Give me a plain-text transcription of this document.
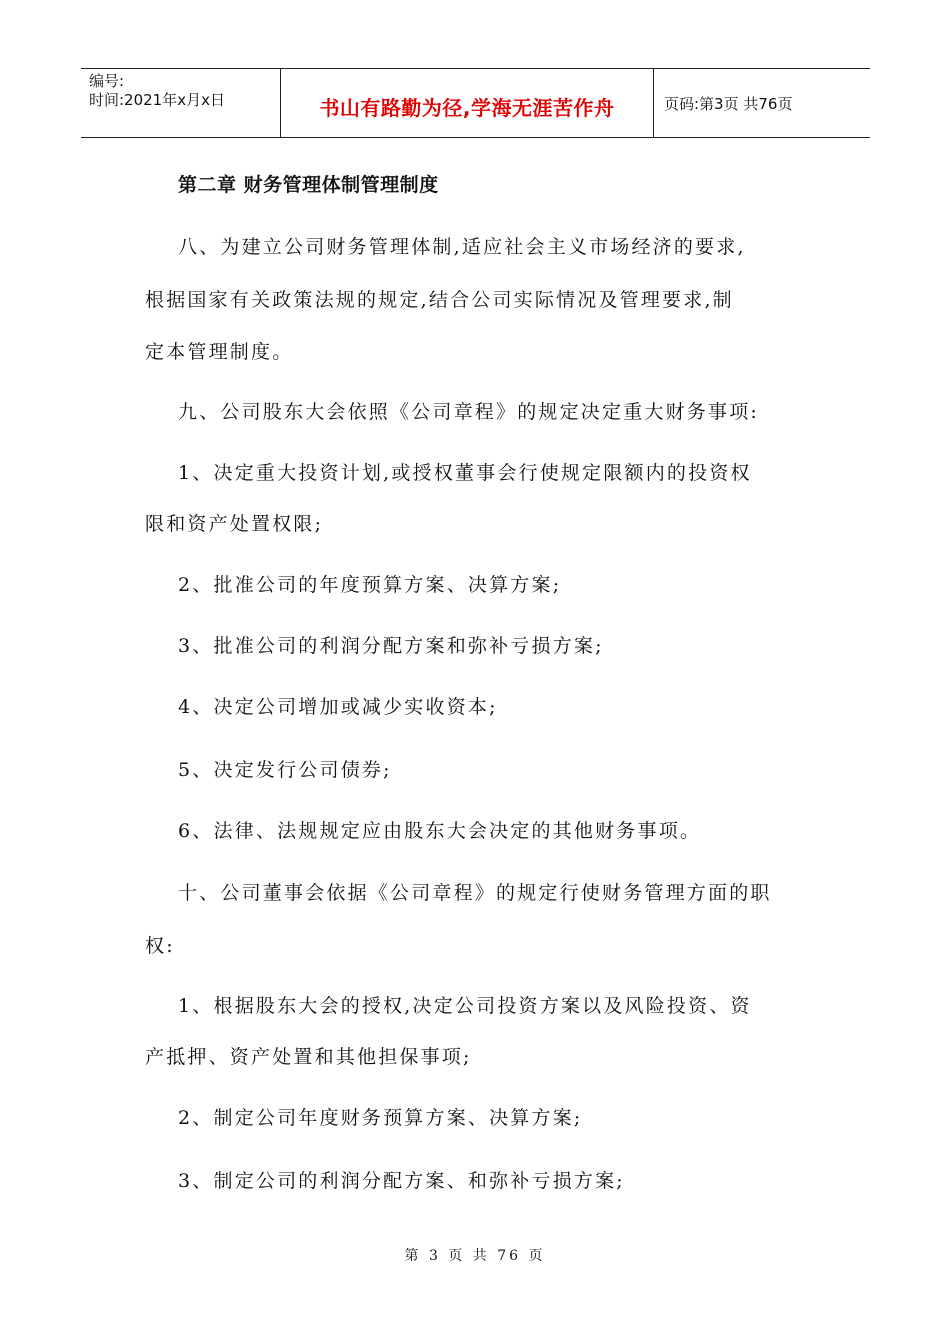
编号:
时间:2021年x月x日	书山有路勤为径,学海无涯苦作舟	页码:第3页 共76页
第二章 财务管理体制管理制度
八、为建立公司财务管理体制,适应社会主义市场经济的要求,
根据国家有关政策法规的规定,结合公司实际情况及管理要求,制
定本管理制度。
九、公司股东大会依照《公司章程》的规定决定重大财务事项:
1、决定重大投资计划,或授权董事会行使规定限额内的投资权
限和资产处置权限;
2、批准公司的年度预算方案、决算方案;
3、批准公司的利润分配方案和弥补亏损方案;
4、决定公司增加或减少实收资本;
5、决定发行公司债券;
6、法律、法规规定应由股东大会决定的其他财务事项。
十、公司董事会依据《公司章程》的规定行使财务管理方面的职
权:
1、根据股东大会的授权,决定公司投资方案以及风险投资、资
产抵押、资产处置和其他担保事项;
2、制定公司年度财务预算方案、决算方案;
3、制定公司的利润分配方案、和弥补亏损方案;
第 3 页 共 76 页
